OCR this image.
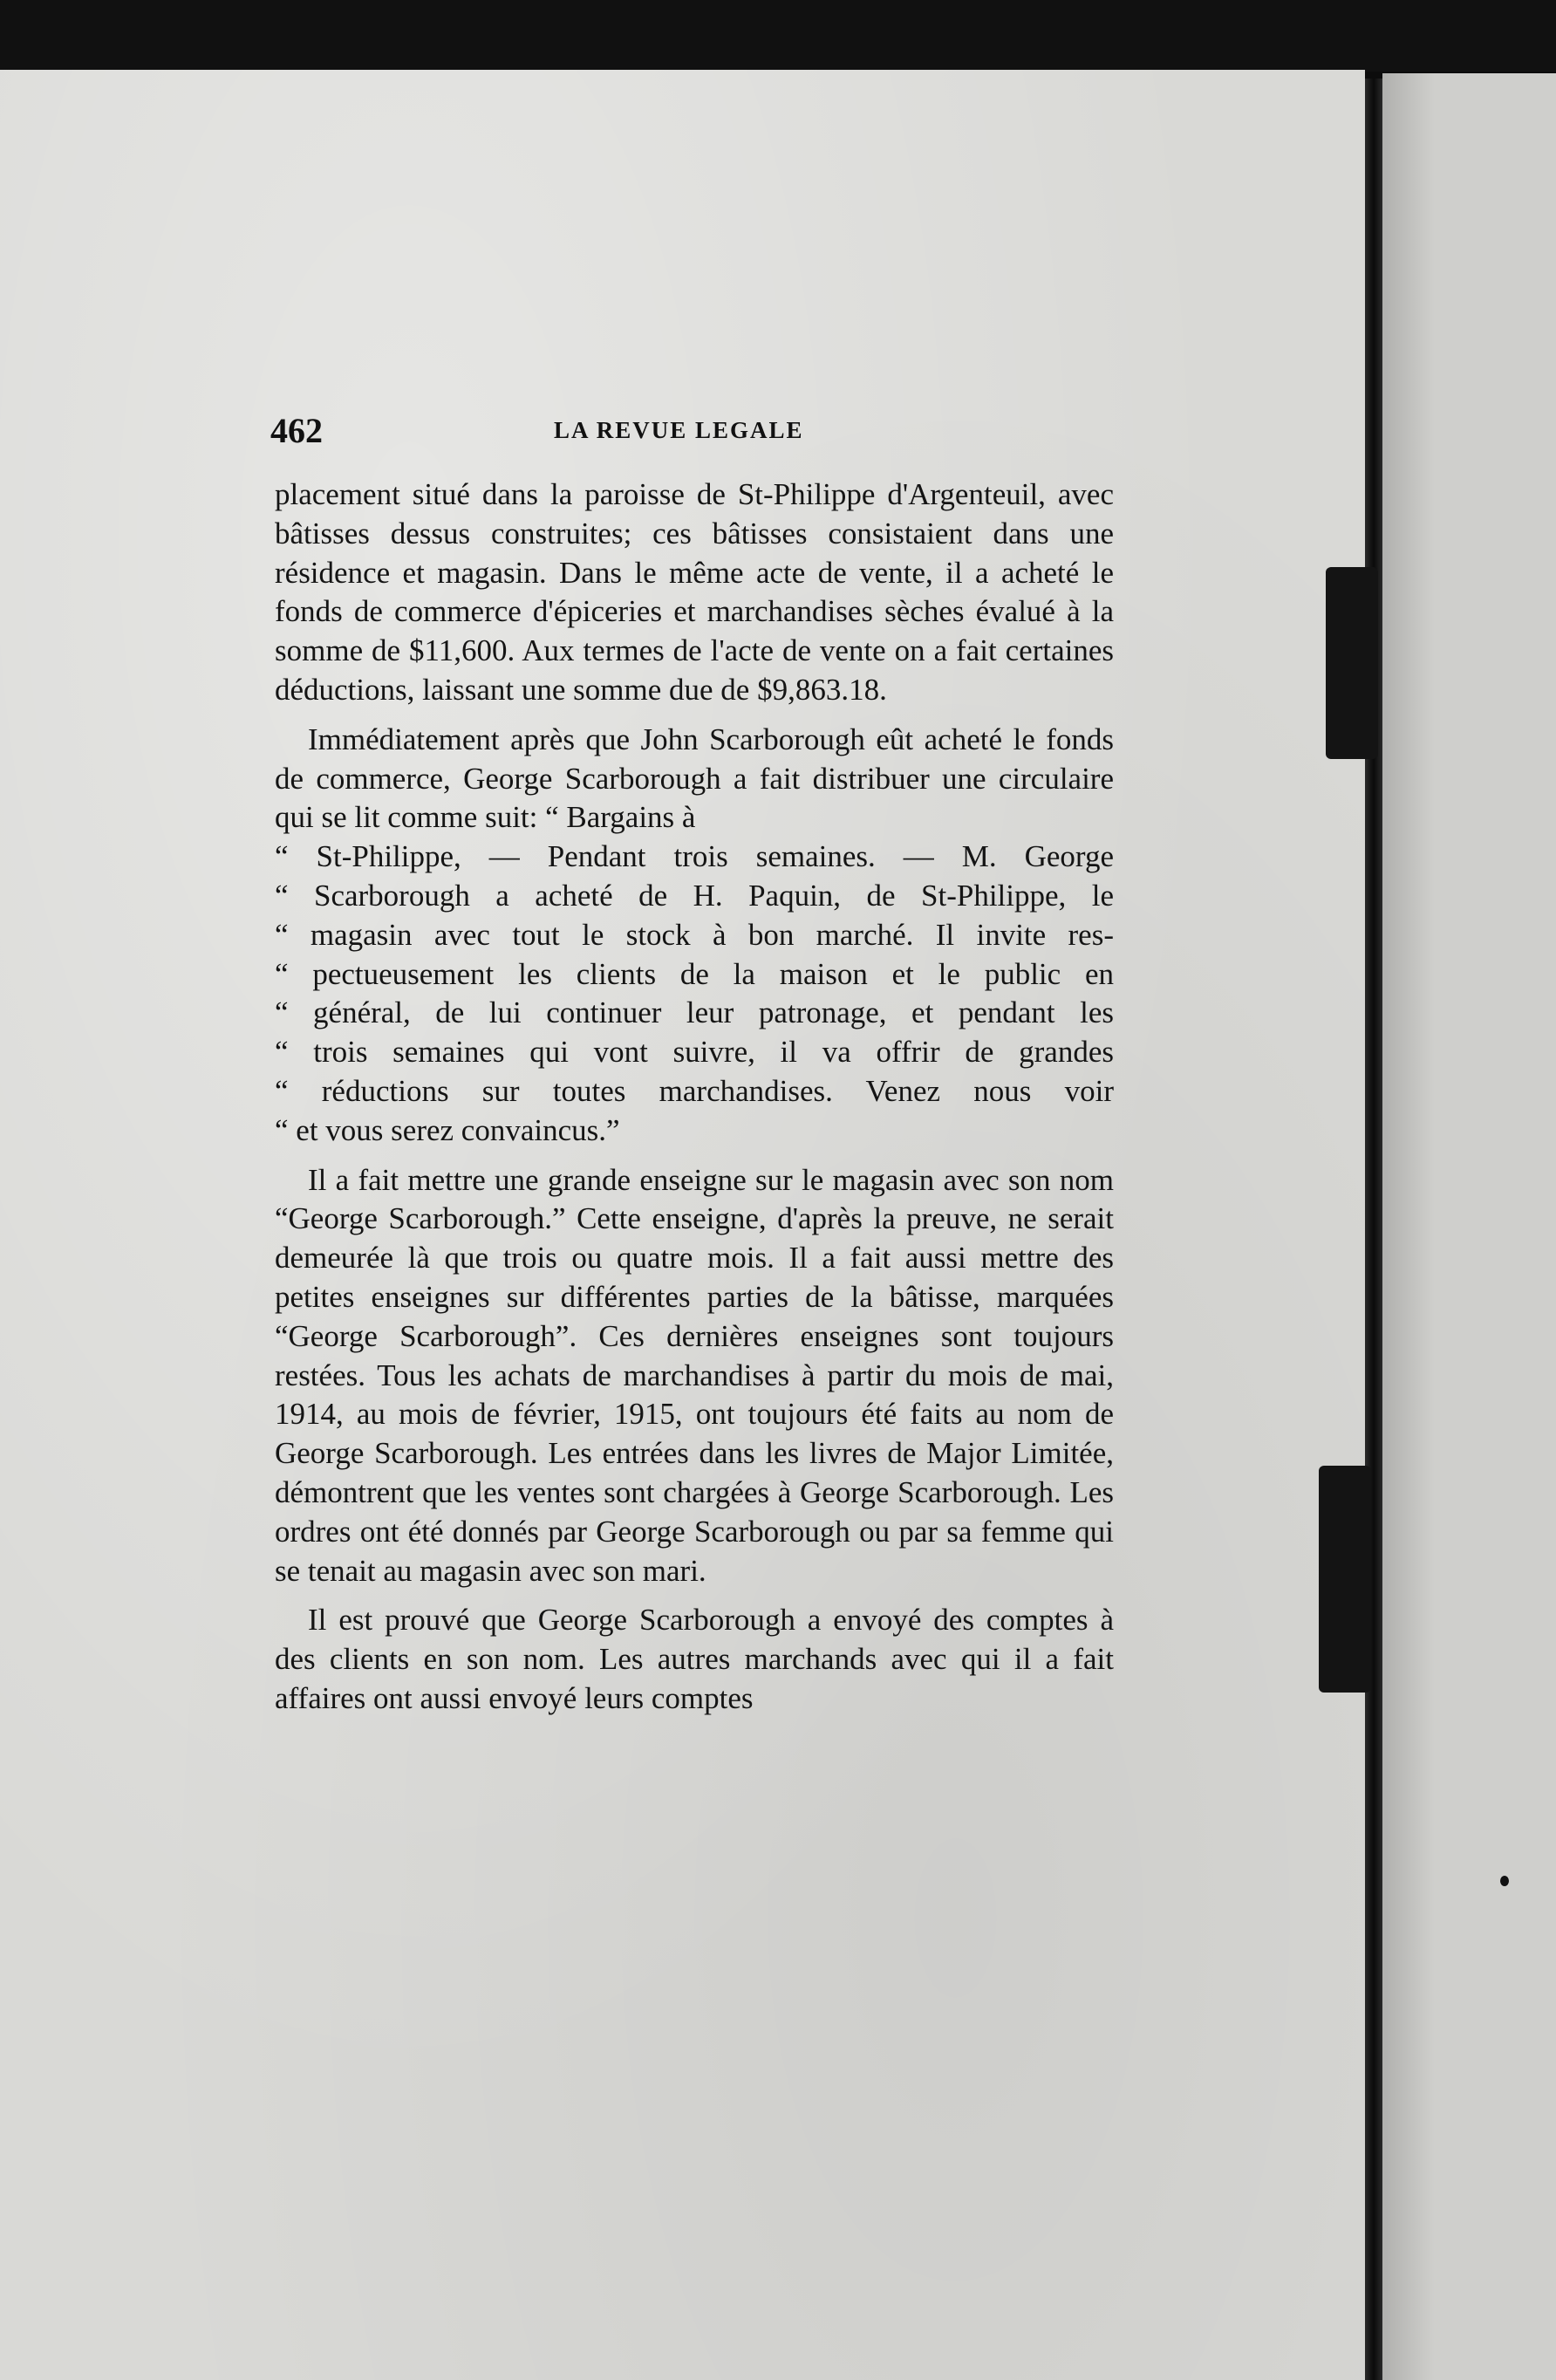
462	LA REVUE LEGALE

placement situé dans la paroisse de St-Philippe d'Argenteuil, avec bâtisses dessus construites; ces bâtisses consistaient dans une résidence et magasin. Dans le même acte de vente, il a acheté le fonds de commerce d'épiceries et marchandises sèches évalué à la somme de $11,600. Aux termes de l'acte de vente on a fait certaines déductions, laissant une somme due de $9,863.18.

Immédiatement après que John Scarborough eût acheté le fonds de commerce, George Scarborough a fait distribuer une circulaire qui se lit comme suit: “ Bargains à

“ St-Philippe, — Pendant trois semaines. — M. George
“ Scarborough a acheté de H. Paquin, de St-Philippe, le
“ magasin avec tout le stock à bon marché. Il invite res-
“ pectueusement les clients de la maison et le public en
“ général, de lui continuer leur patronage, et pendant les
“ trois semaines qui vont suivre, il va offrir de grandes
“ réductions sur toutes marchandises. Venez nous voir
“ et vous serez convaincus.”

Il a fait mettre une grande enseigne sur le magasin avec son nom “George Scarborough.” Cette enseigne, d'après la preuve, ne serait demeurée là que trois ou quatre mois. Il a fait aussi mettre des petites enseignes sur différentes parties de la bâtisse, marquées “George Scarborough”. Ces dernières enseignes sont toujours restées. Tous les achats de marchandises à partir du mois de mai, 1914, au mois de février, 1915, ont toujours été faits au nom de George Scarborough. Les entrées dans les livres de Major Limitée, démontrent que les ventes sont chargées à George Scarborough. Les ordres ont été donnés par George Scarborough ou par sa femme qui se tenait au magasin avec son mari.

Il est prouvé que George Scarborough a envoyé des comptes à des clients en son nom. Les autres marchands avec qui il a fait affaires ont aussi envoyé leurs comptes
